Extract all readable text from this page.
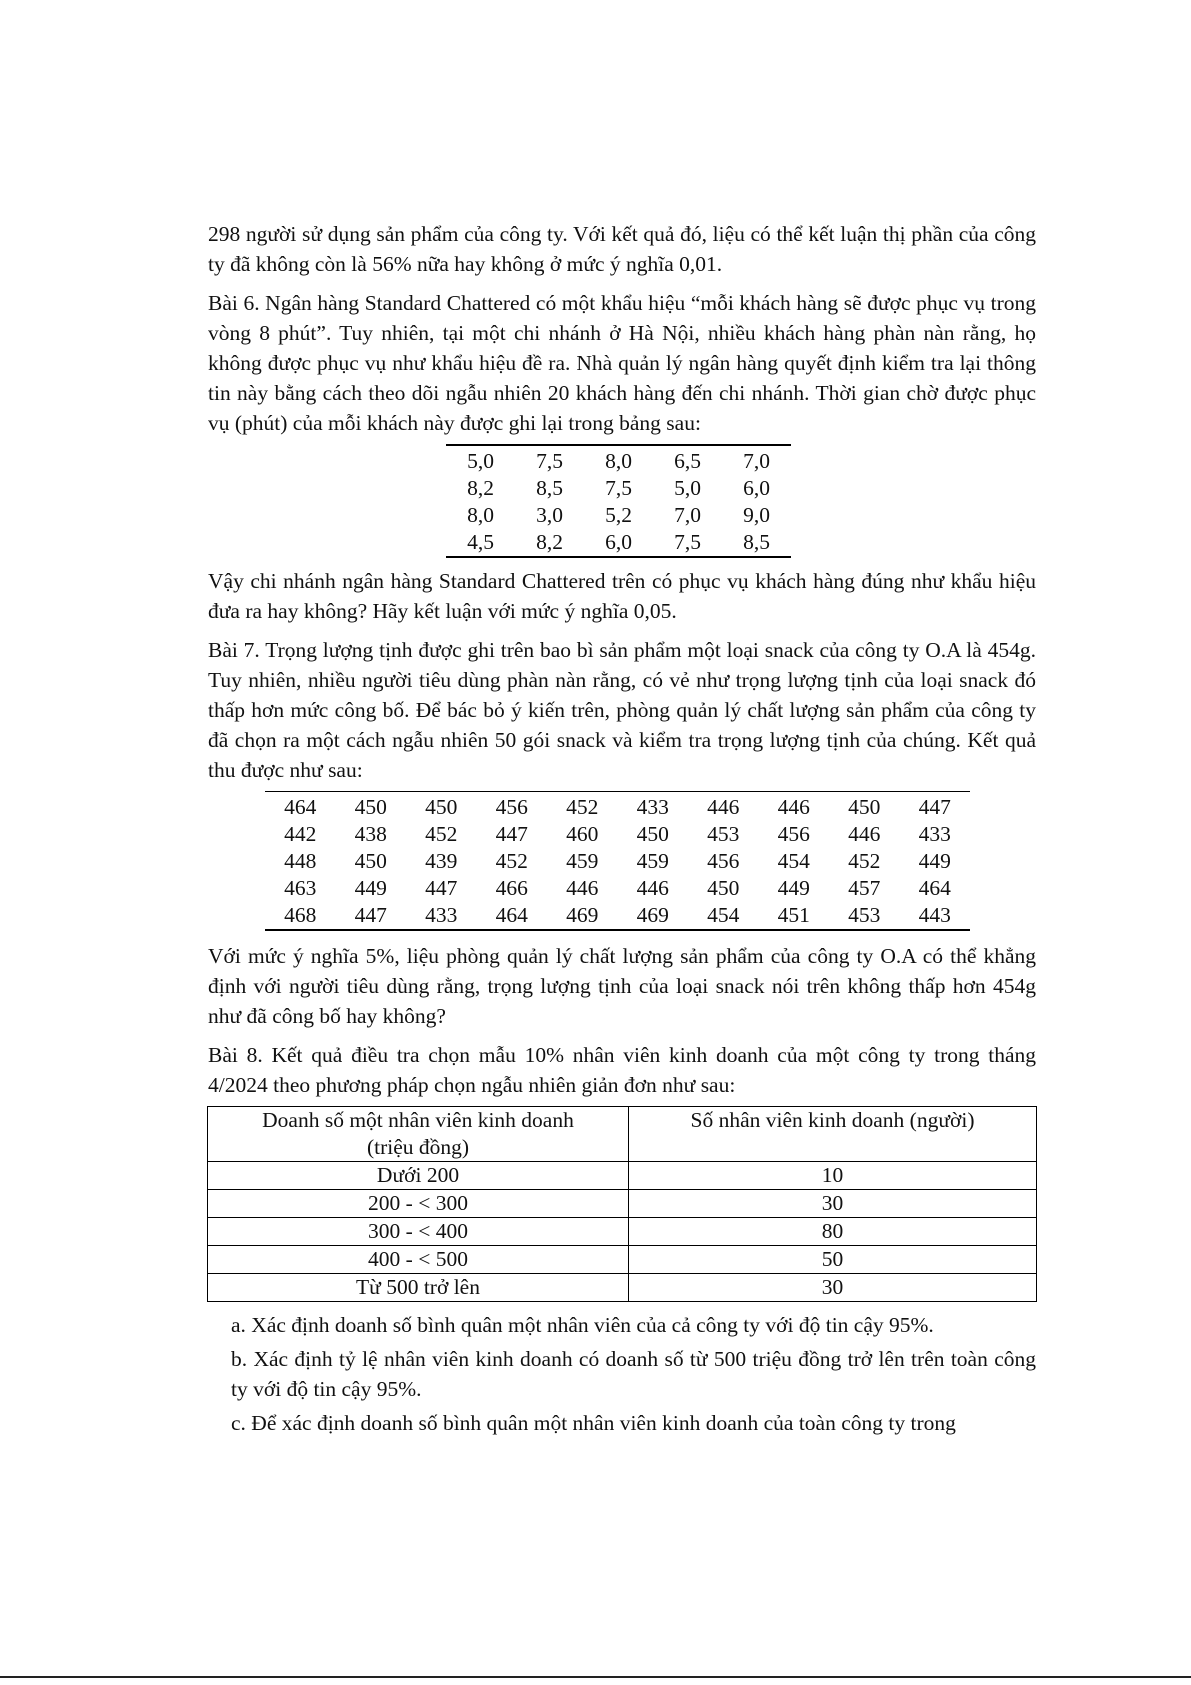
298 người sử dụng sản phẩm của công ty. Với kết quả đó, liệu có thể kết luận thị phần của công ty đã không còn là 56% nữa hay không ở mức ý nghĩa 0,01.

Bài 6. Ngân hàng Standard Chattered có một khẩu hiệu “mỗi khách hàng sẽ được phục vụ trong vòng 8 phút”. Tuy nhiên, tại một chi nhánh ở Hà Nội, nhiều khách hàng phàn nàn rằng, họ không được phục vụ như khẩu hiệu đề ra. Nhà quản lý ngân hàng quyết định kiểm tra lại thông tin này bằng cách theo dõi ngẫu nhiên 20 khách hàng đến chi nhánh. Thời gian chờ được phục vụ (phút) của mỗi khách này được ghi lại trong bảng sau:

5,0	7,5	8,0	6,5	7,0
8,2	8,5	7,5	5,0	6,0
8,0	3,0	5,2	7,0	9,0
4,5	8,2	6,0	7,5	8,5

Vậy chi nhánh ngân hàng Standard Chattered trên có phục vụ khách hàng đúng như khẩu hiệu đưa ra hay không? Hãy kết luận với mức ý nghĩa 0,05.

Bài 7. Trọng lượng tịnh được ghi trên bao bì sản phẩm một loại snack của công ty O.A là 454g. Tuy nhiên, nhiều người tiêu dùng phàn nàn rằng, có vẻ như trọng lượng tịnh của loại snack đó thấp hơn mức công bố. Để bác bỏ ý kiến trên, phòng quản lý chất lượng sản phẩm của công ty đã chọn ra một cách ngẫu nhiên 50 gói snack và kiểm tra trọng lượng tịnh của chúng. Kết quả thu được như sau:

464	450	450	456	452	433	446	446	450	447
442	438	452	447	460	450	453	456	446	433
448	450	439	452	459	459	456	454	452	449
463	449	447	466	446	446	450	449	457	464
468	447	433	464	469	469	454	451	453	443

Với mức ý nghĩa 5%, liệu phòng quản lý chất lượng sản phẩm của công ty O.A có thể khẳng định với người tiêu dùng rằng, trọng lượng tịnh của loại snack nói trên không thấp hơn 454g như đã công bố hay không?

Bài 8. Kết quả điều tra chọn mẫu 10% nhân viên kinh doanh của một công ty trong tháng 4/2024 theo phương pháp chọn ngẫu nhiên giản đơn như sau:

Doanh số một nhân viên kinh doanh
(triệu đồng)	Số nhân viên kinh doanh (người)
Dưới 200	10
200 - < 300	30
300 - < 400	80
400 - < 500	50
Từ 500 trở lên	30

a. Xác định doanh số bình quân một nhân viên của cả công ty với độ tin cậy 95%.

b. Xác định tỷ lệ nhân viên kinh doanh có doanh số từ 500 triệu đồng trở lên trên toàn công ty với độ tin cậy 95%.

c. Để xác định doanh số bình quân một nhân viên kinh doanh của toàn công ty trong
